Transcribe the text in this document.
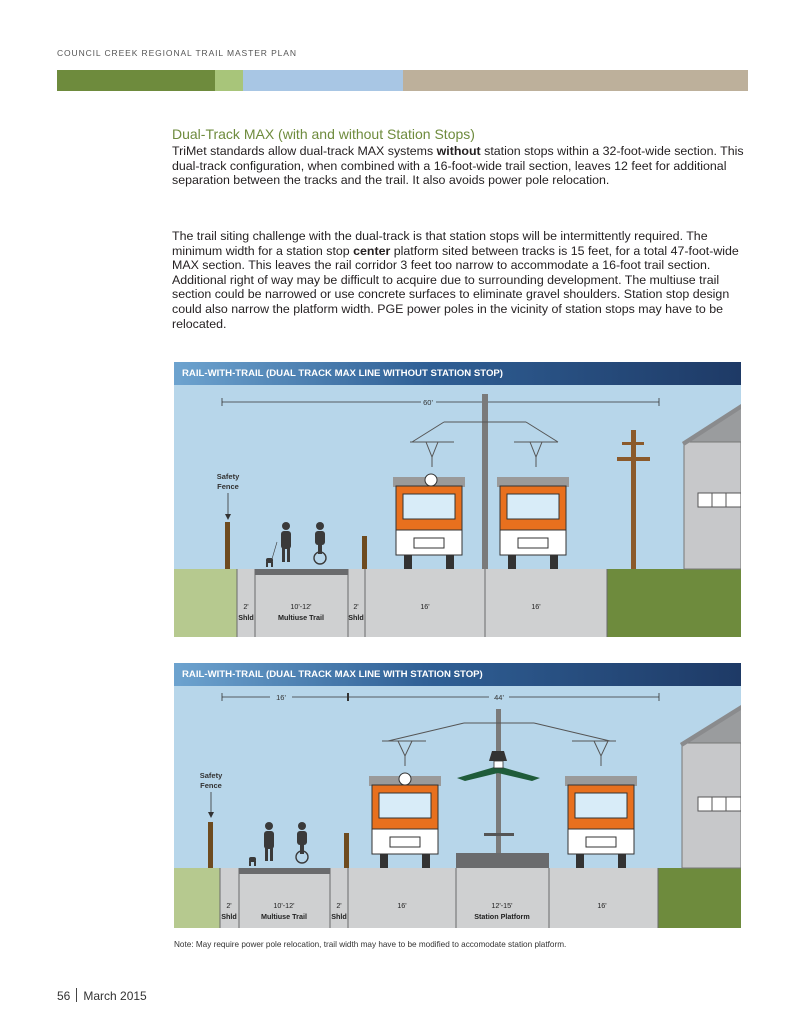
COUNCIL CREEK REGIONAL TRAIL MASTER PLAN
Dual-Track MAX (with and without Station Stops)

TriMet standards allow dual-track MAX systems without station stops within a 32-foot-wide section. This dual-track configuration, when combined with a 16-foot-wide trail section, leaves 12 feet for additional separation between the tracks and the trail. It also avoids power pole relocation.

The trail siting challenge with the dual-track is that station stops will be intermittently required. The minimum width for a station stop center platform sited between tracks is 15 feet, for a total 47-foot-wide MAX section. This leaves the rail corridor 3 feet too narrow to accommodate a 16-foot trail section. Additional right of way may be difficult to acquire due to surrounding development. The multiuse trail section could be narrowed or use concrete surfaces to eliminate gravel shoulders. Station stop design could also narrow the platform width. PGE power poles in the vicinity of station stops may have to be relocated.

60'
Safety
Fence
2'
Shld
10'-12'
Multiuse Trail
2'
Shld
16'	16'
RAIL-WITH-TRAIL (DUAL TRACK MAX LINE WITHOUT STATION STOP)
16'	44'
Safety
Fence
2'
Shld
10'-12'
Multiuse Trail
2'
Shld
16'	12'-15'
Station Platform
16'
RAIL-WITH-TRAIL (DUAL TRACK MAX LINE WITH STATION STOP)
Note: May require power pole relocation, trail width may have to be modified to accomodate station platform.
56 March 2015
